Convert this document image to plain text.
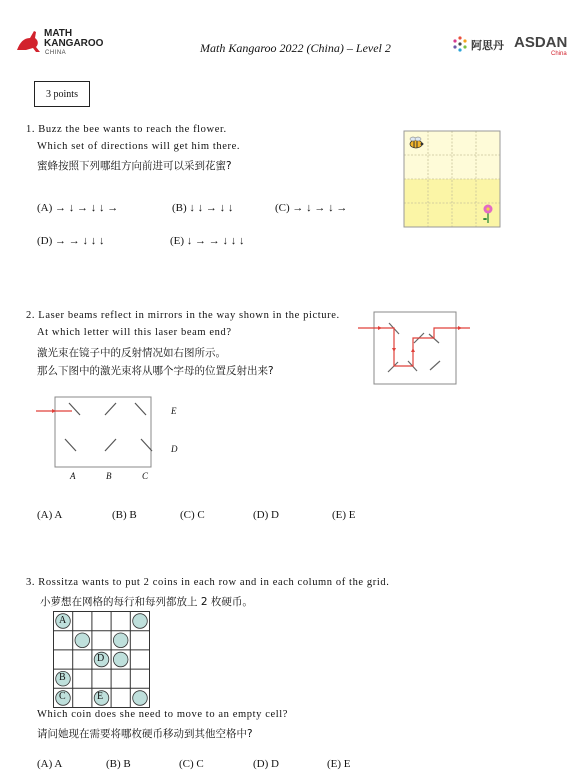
MATH
KANGAROO
CHINA	Math Kangaroo 2022 (China) – Level 2	阿思丹 ASDAN
China
3 points
1. Buzz the bee wants to reach the flower.
Which set of directions will get him there.
蜜蜂按照下列哪组方向前进可以采到花蜜?
(A) → ↓ → ↓ ↓ →	(B) ↓ ↓ → ↓ ↓	(C) → ↓ → ↓ →
(D) → → ↓ ↓ ↓	(E) ↓ → → ↓ ↓ ↓
2. Laser beams reflect in mirrors in the way shown in the picture.
At which letter will this laser beam end?
激光束在镜子中的反射情况如右图所示。
那么下图中的激光束将从哪个字母的位置反射出来?
E
D
A	B	C
(A) A	(B) B	(C) C	(D) D	(E) E
3. Rossitza wants to put 2 coins in each row and in each column of the grid.
小萝想在网格的每行和每列都放上 2 枚硬币。
A
D
B
C	E
Which coin does she need to move to an empty cell?
请问她现在需要将哪枚硬币移动到其他空格中?
(A) A	(B) B	(C) C	(D) D	(E) E
